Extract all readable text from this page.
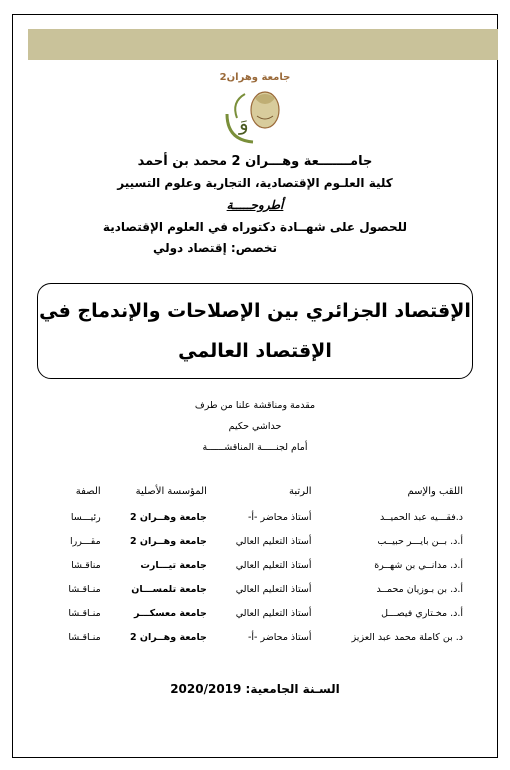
جامعة وهران2
وَ
جامـــــــعة وهـــران 2 محمد بن أحمد
كلية العلـوم الإقتصادية، التجارية وعلوم التسيير
أطروحـــــة
للحصول على شهــادة دكتوراه في العلوم الإقتصادية
تخصص: إقتصاد دولي
الإقتصاد الجزائري بين الإصلاحات والإندماج في
الإقتصاد العالمي
مقدمة ومناقشة علنا من طرف
حداشي حكيم
أمام لجنـــــة المناقشــــــة
اللقب والإسم	الرتبة	المؤسسة الأصلية	الصفة
د.فقـــيه عبد الحميــد	أستاذ محاضر -أ-	جامعة وهــران 2	رئيـــسا
أ.د. بــن بايـــر حبيــب	أستاذ التعليم العالي	جامعة وهــران 2	مقـــررا
أ.د. مدانــي بن شهــرة	أستاذ التعليم العالي	جامعة تيـــارت	مناقـشا
أ.د. بن بـوزيان محمــد	أستاذ التعليم العالي	جامعة تلمســـان	منـاقـشا
أ.د. مخـتاري فيصـــل	أستاذ التعليم العالي	جامعة معسكـــر	منـاقـشا
د. بن كاملة محمد عبد العزيز	أستاذ محاضر -أ-	جامعة وهــران 2	منـاقـشا
السـنة الجامعية: 2020/2019
